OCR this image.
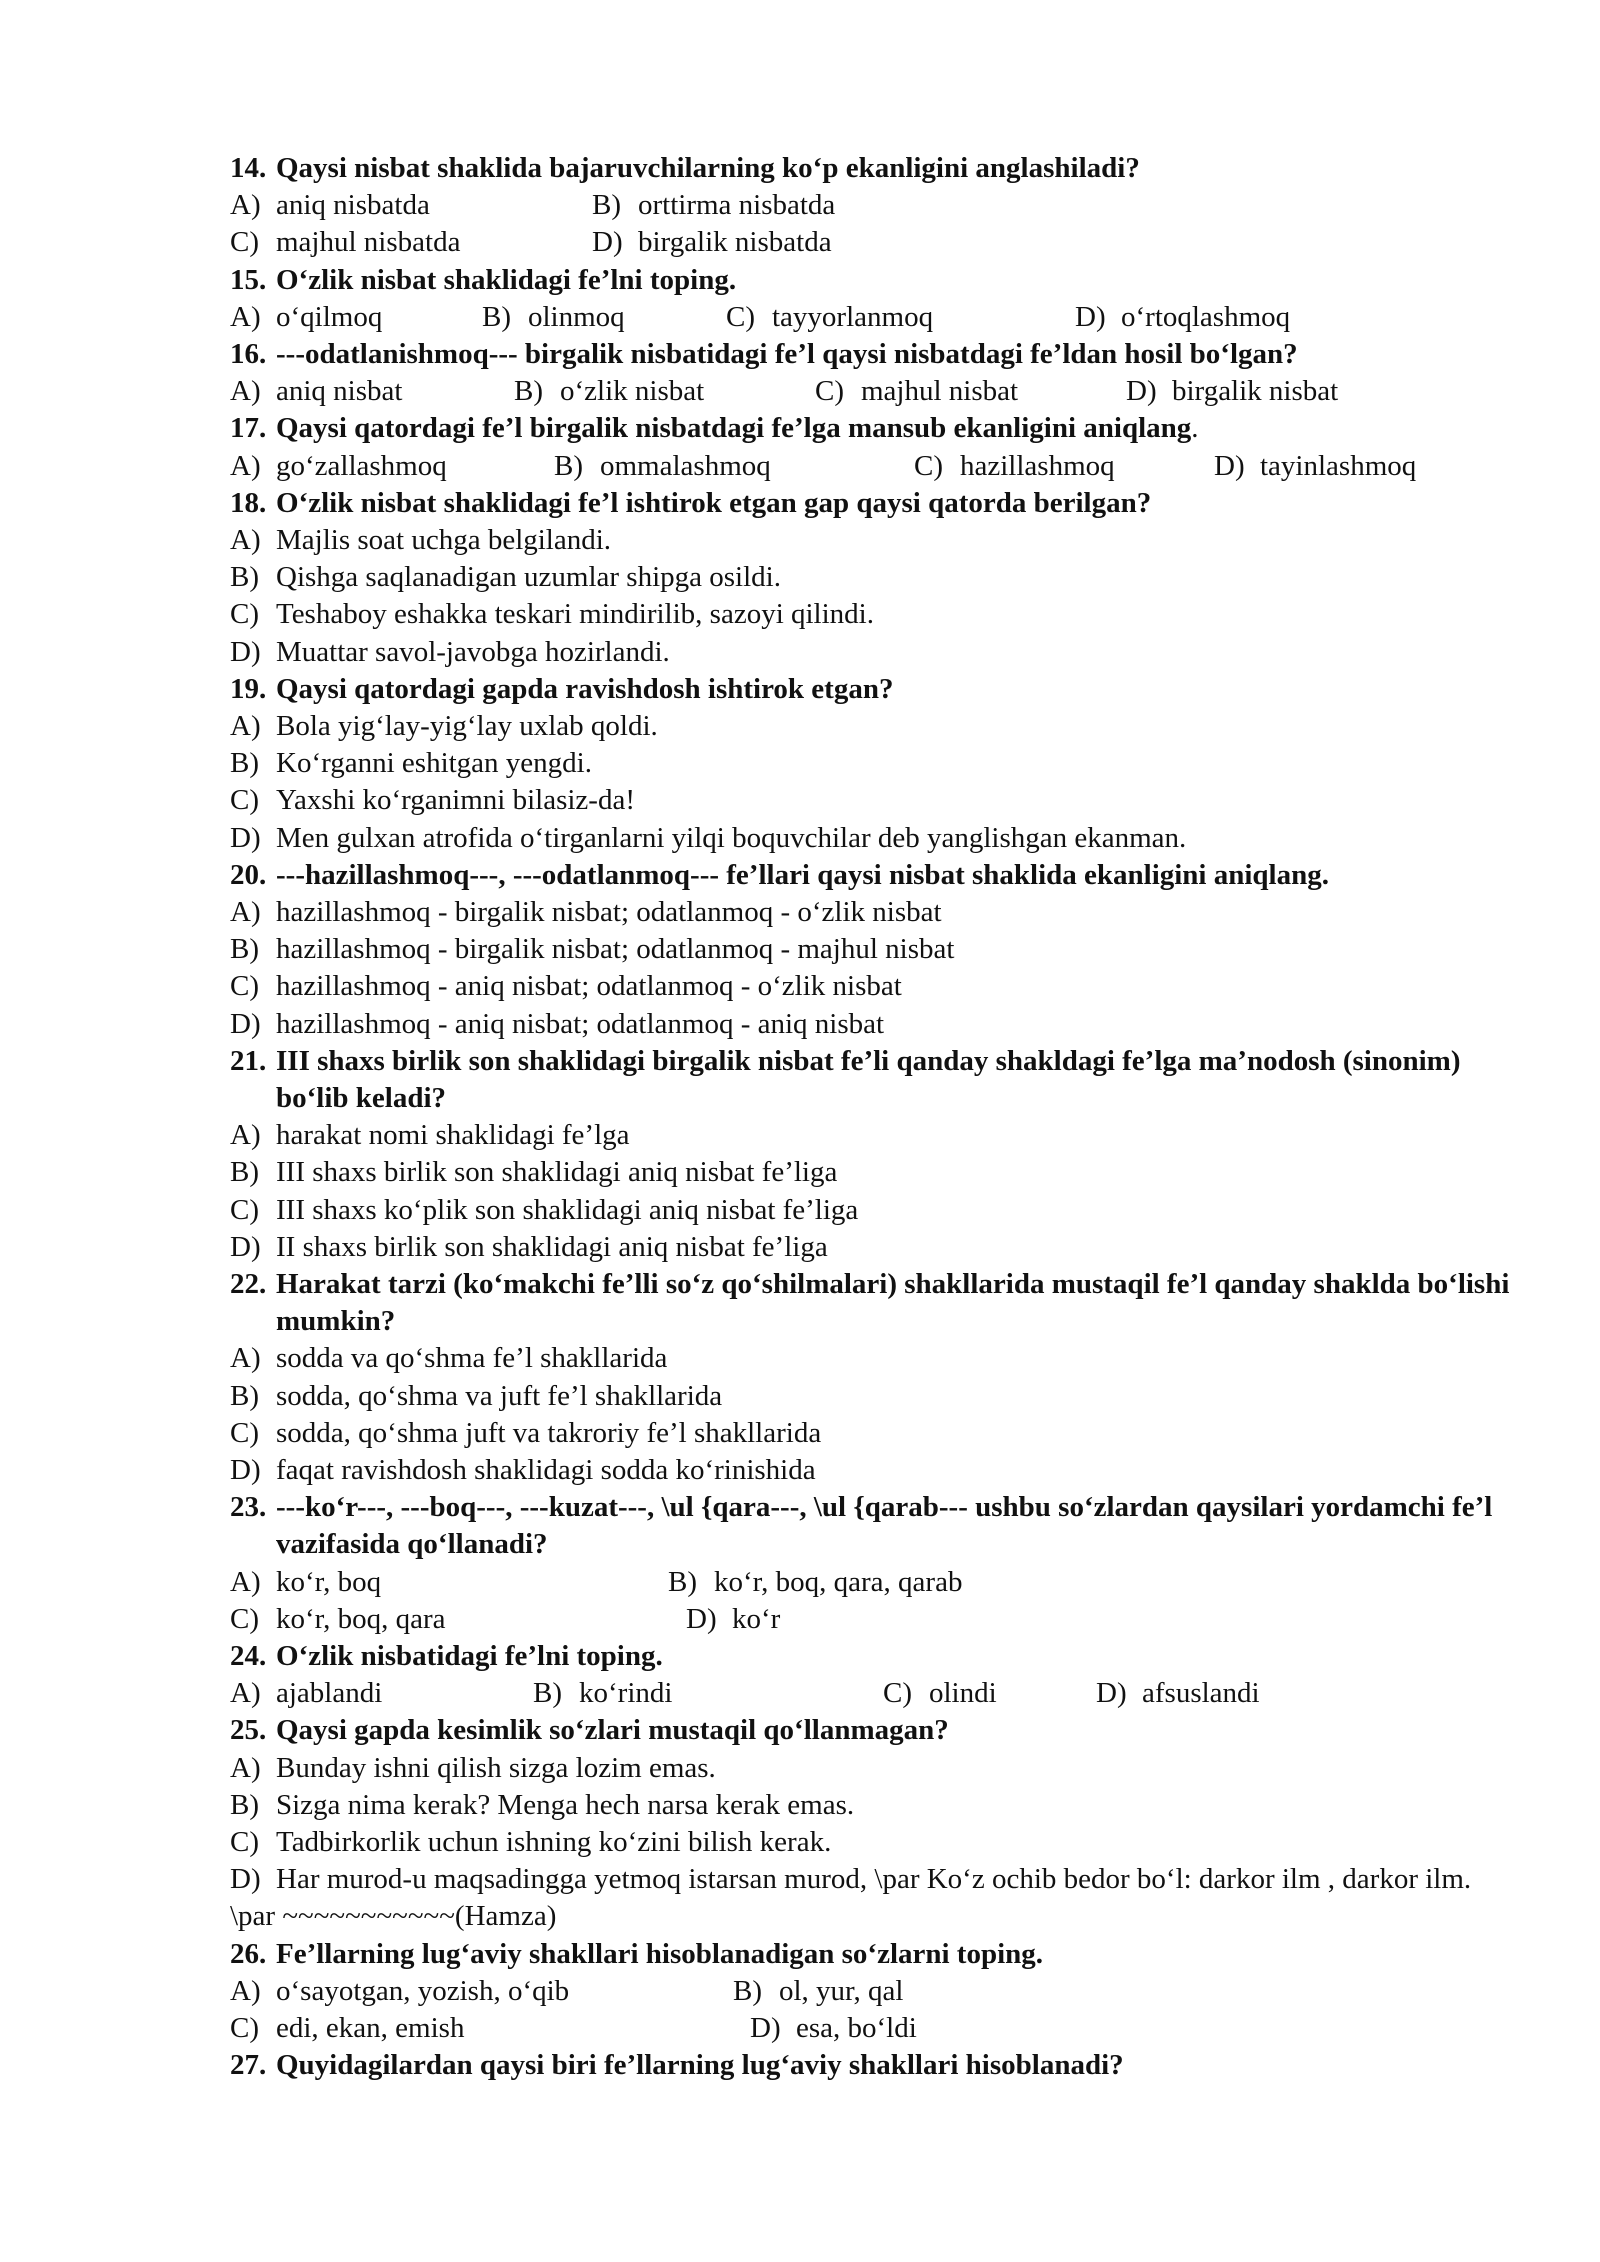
14. Qaysi nisbat shaklida bajaruvchilarning ko‘p ekanligini anglashiladi?
A) aniq nisbatda	B) orttirma nisbatda
C) majhul nisbatda	D) birgalik nisbatda
15. O‘zlik nisbat shaklidagi fe’lni toping.
A) o‘qilmoq	B) olinmoq	C) tayyorlanmoq	D) o‘rtoqlashmoq
16. ---odatlanishmoq--- birgalik nisbatidagi fe’l qaysi nisbatdagi fe’ldan hosil bo‘lgan?
A) aniq nisbat	B) o‘zlik nisbat	C) majhul nisbat	D) birgalik nisbat
17. Qaysi qatordagi fe’l birgalik nisbatdagi fe’lga mansub ekanligini aniqlang.
A) go‘zallashmoq	B) ommalashmoq	C) hazillashmoq	D) tayinlashmoq
18. O‘zlik nisbat shaklidagi fe’l ishtirok etgan gap qaysi qatorda berilgan?
A) Majlis soat uchga belgilandi.
B) Qishga saqlanadigan uzumlar shipga osildi.
C) Teshaboy eshakka teskari mindirilib, sazoyi qilindi.
D) Muattar savol-javobga hozirlandi.
19. Qaysi qatordagi gapda ravishdosh ishtirok etgan?
A) Bola yig‘lay-yig‘lay uxlab qoldi.
B) Ko‘rganni eshitgan yengdi.
C) Yaxshi ko‘rganimni bilasiz-da!
D) Men gulxan atrofida o‘tirganlarni yilqi boquvchilar deb yanglishgan ekanman.
20. ---hazillashmoq---, ---odatlanmoq--- fe’llari qaysi nisbat shaklida ekanligini aniqlang.
A) hazillashmoq - birgalik nisbat; odatlanmoq - o‘zlik nisbat
B) hazillashmoq - birgalik nisbat; odatlanmoq - majhul nisbat
C) hazillashmoq - aniq nisbat; odatlanmoq - o‘zlik nisbat
D) hazillashmoq - aniq nisbat; odatlanmoq - aniq nisbat
21. III shaxs birlik son shaklidagi birgalik nisbat fe’li qanday shakldagi fe’lga ma’nodosh (sinonim) bo‘lib keladi?
A) harakat nomi shaklidagi fe’lga
B) III shaxs birlik son shaklidagi aniq nisbat fe’liga
C) III shaxs ko‘plik son shaklidagi aniq nisbat fe’liga
D) II shaxs birlik son shaklidagi aniq nisbat fe’liga
22. Harakat tarzi (ko‘makchi fe’lli so‘z qo‘shilmalari) shakllarida mustaqil fe’l qanday shaklda bo‘lishi mumkin?
A) sodda va qo‘shma fe’l shakllarida
B) sodda, qo‘shma va juft fe’l shakllarida
C) sodda, qo‘shma juft va takroriy fe’l shakllarida
D) faqat ravishdosh shaklidagi sodda ko‘rinishida
23. ---ko‘r---, ---boq---, ---kuzat---, \ul {qara---, \ul {qarab--- ushbu so‘zlardan qaysilari yordamchi fe’l vazifasida qo‘llanadi?
A) ko‘r, boq	B) ko‘r, boq, qara, qarab
C) ko‘r, boq, qara	D) ko‘r
24. O‘zlik nisbatidagi fe’lni toping.
A) ajablandi	B) ko‘rindi	C) olindi	D) afsuslandi
25. Qaysi gapda kesimlik so‘zlari mustaqil qo‘llanmagan?
A) Bunday ishni qilish sizga lozim emas.
B) Sizga nima kerak? Menga hech narsa kerak emas.
C) Tadbirkorlik uchun ishning ko‘zini bilish kerak.
D) Har murod-u maqsadingga yetmoq istarsan murod, \par Ko‘z ochib bedor bo‘l: darkor ilm , darkor ilm. \par ~~~~~~~~~~~(Hamza)
26. Fe’llarning lug‘aviy shakllari hisoblanadigan so‘zlarni toping.
A) o‘sayotgan, yozish, o‘qib	B) ol, yur, qal
C) edi, ekan, emish	D) esa, bo‘ldi
27. Quyidagilardan qaysi biri fe’llarning lug‘aviy shakllari hisoblanadi?
